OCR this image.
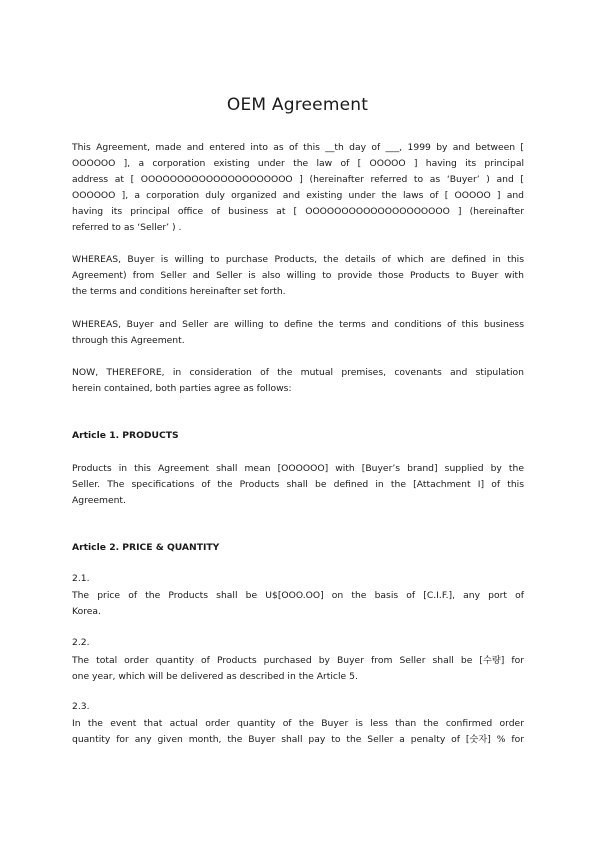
OEM Agreement
This Agreement, made and entered into as of this __th day of ___, 1999 by and between [
OOOOOO ], a corporation existing under the law of [ OOOOO ] having its principal
address at [ OOOOOOOOOOOOOOOOOOOOO ] (hereinafter referred to as ‘Buyer’ ) and [
OOOOOO ], a corporation duly organized and existing under the laws of [ OOOOO ] and
having its principal office of business at [ OOOOOOOOOOOOOOOOOOOO ] (hereinafter
referred to as ‘Seller’ ) .
WHEREAS, Buyer is willing to purchase Products, the details of which are defined in this
Agreement) from Seller and Seller is also willing to provide those Products to Buyer with
the terms and conditions hereinafter set forth.
WHEREAS, Buyer and Seller are willing to define the terms and conditions of this business
through this Agreement.
NOW, THEREFORE, in consideration of the mutual premises, covenants and stipulation
herein contained, both parties agree as follows:
Article 1. PRODUCTS
Products in this Agreement shall mean [OOOOOO] with [Buyer’s brand] supplied by the
Seller. The specifications of the Products shall be defined in the [Attachment I] of this
Agreement.
Article 2. PRICE & QUANTITY
2.1.
The price of the Products shall be U$[OOO.OO] on the basis of [C.I.F.], any port of
Korea.
2.2.
The total order quantity of Products purchased by Buyer from Seller shall be [수량] for
one year, which will be delivered as described in the Article 5.
2.3.
In the event that actual order quantity of the Buyer is less than the confirmed order
quantity for any given month, the Buyer shall pay to the Seller a penalty of [숫자] % for
